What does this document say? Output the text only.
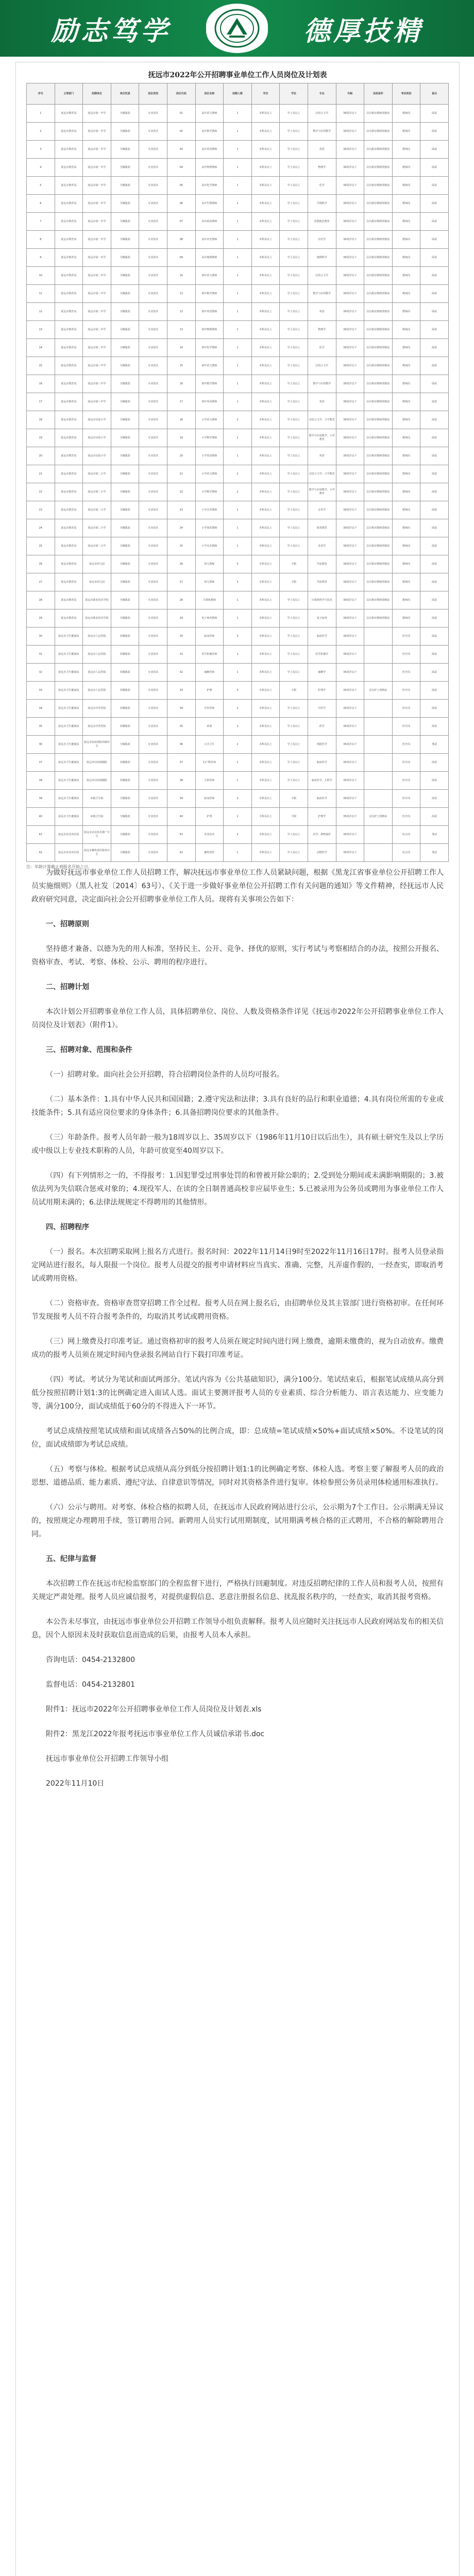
励志笃学	德厚技精
抚远市2022年公开招聘事业单位工作人员岗位及计划表
序号	主管部门	招聘单位	单位性质	岗位类别	岗位代码	岗位名称	招聘人数	学历	学位	专业	年龄	其他条件	考试类别	备注
1	抚远市教育局	抚远市第一中学	全额拨款	专业技术	01	高中语文教师	1	本科及以上	学士及以上	汉语言文学	30周岁以下	具有相应教师资格证	教师岗	面试
2	抚远市教育局	抚远市第一中学	全额拨款	专业技术	02	高中数学教师	1	本科及以上	学士及以上	数学与应用数学	30周岁以下	具有相应教师资格证	教师岗	面试
3	抚远市教育局	抚远市第一中学	全额拨款	专业技术	03	高中英语教师	1	本科及以上	学士及以上	英语	30周岁以下	具有相应教师资格证	教师岗	面试
4	抚远市教育局	抚远市第一中学	全额拨款	专业技术	04	高中物理教师	1	本科及以上	学士及以上	物理学	30周岁以下	具有相应教师资格证	教师岗	面试
5	抚远市教育局	抚远市第一中学	全额拨款	专业技术	05	高中化学教师	1	本科及以上	学士及以上	化学	30周岁以下	具有相应教师资格证	教师岗	面试
6	抚远市教育局	抚远市第一中学	全额拨款	专业技术	06	高中生物教师	1	本科及以上	学士及以上	生物科学	30周岁以下	具有相应教师资格证	教师岗	面试
7	抚远市教育局	抚远市第一中学	全额拨款	专业技术	07	高中政治教师	1	本科及以上	学士及以上	思想政治教育	30周岁以下	具有相应教师资格证	教师岗	面试
8	抚远市教育局	抚远市第一中学	全额拨款	专业技术	08	高中历史教师	1	本科及以上	学士及以上	历史学	30周岁以下	具有相应教师资格证	教师岗	面试
9	抚远市教育局	抚远市第一中学	全额拨款	专业技术	09	高中地理教师	1	本科及以上	学士及以上	地理科学	30周岁以下	具有相应教师资格证	教师岗	面试
10	抚远市教育局	抚远市第二中学	全额拨款	专业技术	10	初中语文教师	1	本科及以上	学士及以上	汉语言文学	30周岁以下	具有相应教师资格证	教师岗	面试
11	抚远市教育局	抚远市第二中学	全额拨款	专业技术	11	初中数学教师	1	本科及以上	学士及以上	数学与应用数学	30周岁以下	具有相应教师资格证	教师岗	面试
12	抚远市教育局	抚远市第二中学	全额拨款	专业技术	12	初中英语教师	1	本科及以上	学士及以上	英语	30周岁以下	具有相应教师资格证	教师岗	面试
13	抚远市教育局	抚远市第二中学	全额拨款	专业技术	13	初中物理教师	1	本科及以上	学士及以上	物理学	30周岁以下	具有相应教师资格证	教师岗	面试
14	抚远市教育局	抚远市第二中学	全额拨款	专业技术	14	初中化学教师	1	本科及以上	学士及以上	化学	30周岁以下	具有相应教师资格证	教师岗	面试
15	抚远市教育局	抚远市第三中学	全额拨款	专业技术	15	初中语文教师	1	本科及以上	学士及以上	汉语言文学	30周岁以下	具有相应教师资格证	教师岗	面试
16	抚远市教育局	抚远市第三中学	全额拨款	专业技术	16	初中数学教师	1	本科及以上	学士及以上	数学与应用数学	30周岁以下	具有相应教师资格证	教师岗	面试
17	抚远市教育局	抚远市第三中学	全额拨款	专业技术	17	初中英语教师	1	本科及以上	学士及以上	英语	30周岁以下	具有相应教师资格证	教师岗	面试
18	抚远市教育局	抚远市实验小学	全额拨款	专业技术	18	小学语文教师	2	本科及以上	学士及以上	汉语言文学、小学教育	30周岁以下	具有相应教师资格证	教师岗	面试
19	抚远市教育局	抚远市实验小学	全额拨款	专业技术	19	小学数学教师	2	本科及以上	学士及以上	数学与应用数学、小学教育	30周岁以下	具有相应教师资格证	教师岗	面试
20	抚远市教育局	抚远市实验小学	全额拨款	专业技术	20	小学英语教师	1	本科及以上	学士及以上	英语	30周岁以下	具有相应教师资格证	教师岗	面试
21	抚远市教育局	抚远市第二小学	全额拨款	专业技术	21	小学语文教师	2	本科及以上	学士及以上	汉语言文学、小学教育	30周岁以下	具有相应教师资格证	教师岗	面试
22	抚远市教育局	抚远市第二小学	全额拨款	专业技术	22	小学数学教师	2	本科及以上	学士及以上	数学与应用数学、小学教育	30周岁以下	具有相应教师资格证	教师岗	面试
23	抚远市教育局	抚远市第二小学	全额拨款	专业技术	23	小学音乐教师	1	本科及以上	学士及以上	音乐学	30周岁以下	具有相应教师资格证	教师岗	面试
24	抚远市教育局	抚远市第二小学	全额拨款	专业技术	24	小学体育教师	1	本科及以上	学士及以上	体育教育	30周岁以下	具有相应教师资格证	教师岗	面试
25	抚远市教育局	抚远市第二小学	全额拨款	专业技术	25	小学美术教师	1	本科及以上	学士及以上	美术学	30周岁以下	具有相应教师资格证	教师岗	面试
26	抚远市教育局	抚远市幼儿园	全额拨款	专业技术	26	幼儿教师	3	专科及以上	不限	学前教育	30周岁以下	具有相应教师资格证	教师岗	面试
27	抚远市教育局	抚远市幼儿园	全额拨款	专业技术	27	幼儿教师	3	专科及以上	不限	学前教育	30周岁以下	具有相应教师资格证	教师岗	面试
28	抚远市教育局	抚远市职业技术学校	全额拨款	专业技术	28	计算机教师	1	本科及以上	学士及以上	计算机科学与技术	30周岁以下	具有相应教师资格证	教师岗	面试
29	抚远市教育局	抚远市职业技术学校	全额拨款	专业技术	29	电子商务教师	1	本科及以上	学士及以上	电子商务	30周岁以下	具有相应教师资格证	教师岗	面试
30	抚远市卫生健康局	抚远市人民医院	差额拨款	专业技术	30	临床医师	3	本科及以上	学士及以上	临床医学	35周岁以下		医疗岗	面试
31	抚远市卫生健康局	抚远市人民医院	差额拨款	专业技术	31	医学影像医师	1	本科及以上	学士及以上	医学影像学	35周岁以下		医疗岗	面试
32	抚远市卫生健康局	抚远市人民医院	差额拨款	专业技术	32	麻醉医师	1	本科及以上	学士及以上	麻醉学	35周岁以下		医疗岗	面试
33	抚远市卫生健康局	抚远市人民医院	差额拨款	专业技术	33	护理	3	专科及以上	不限	护理学	35周岁以下	具有护士资格证	医疗岗	面试
34	抚远市卫生健康局	抚远市中医医院	差额拨款	专业技术	34	中医医师	2	本科及以上	学士及以上	中医学	35周岁以下		医疗岗	面试
35	抚远市卫生健康局	抚远市中医医院	差额拨款	专业技术	35	药剂	1	本科及以上	学士及以上	药学	35周岁以下		医疗岗	面试
36	抚远市卫生健康局	抚远市疾病预防控制中心	全额拨款	专业技术	36	公共卫生	2	本科及以上	学士及以上	预防医学	35周岁以下		医疗岗	笔试
37	抚远市卫生健康局	抚远市妇幼保健院	差额拨款	专业技术	37	妇产科医师	1	本科及以上	学士及以上	临床医学	35周岁以下		医疗岗	面试
38	抚远市卫生健康局	抚远市妇幼保健院	差额拨款	专业技术	38	儿科医师	1	本科及以上	学士及以上	临床医学、儿科学	35周岁以下		医疗岗	面试
39	抚远市卫生健康局	乡镇卫生院	全额拨款	专业技术	39	临床医师	2	专科及以上	不限	临床医学	35周岁以下		医疗岗	面试
40	抚远市卫生健康局	乡镇卫生院	全额拨款	专业技术	40	护理	2	专科及以上	不限	护理学	35周岁以下	具有护士资格证	医疗岗	面试
41	抚远市农业农村局	抚远市农业技术推广中心	全额拨款	专业技术	41	农业技术	2	本科及以上	学士及以上	农学、植物保护	35周岁以下		综合岗	笔试
42	抚远市农业农村局	抚远市畜牧兽医服务中心	全额拨款	专业技术	42	畜牧兽医	1	本科及以上	学士及以上	动物医学	35周岁以下		综合岗	笔试
注：年龄计算截止到报名开始之日。

为做好抚远市事业单位工作人员招聘工作，解决抚远市事业单位工作人员紧缺问题，根据《黑龙江省事业单位公开招聘工作人员实施细则》（黑人社发〔2014〕63号）、《关于进一步做好事业单位公开招聘工作有关问题的通知》等文件精神，经抚远市人民政府研究同意，决定面向社会公开招聘事业单位工作人员。现将有关事项公告如下：

一、招聘原则

坚持德才兼备、以德为先的用人标准，坚持民主、公开、竞争、择优的原则，实行考试与考察相结合的办法，按照公开报名、资格审查、考试、考察、体检、公示、聘用的程序进行。

二、招聘计划

本次计划公开招聘事业单位工作人员，具体招聘单位、岗位、人数及资格条件详见《抚远市2022年公开招聘事业单位工作人员岗位及计划表》（附件1）。

三、招聘对象、范围和条件

（一）招聘对象。面向社会公开招聘，符合招聘岗位条件的人员均可报名。

（二）基本条件：1.具有中华人民共和国国籍；2.遵守宪法和法律；3.具有良好的品行和职业道德；4.具有岗位所需的专业或技能条件；5.具有适应岗位要求的身体条件；6.具备招聘岗位要求的其他条件。

（三）年龄条件。报考人员年龄一般为18周岁以上、35周岁以下（1986年11月10日以后出生），具有硕士研究生及以上学历或中级以上专业技术职称的人员，年龄可放宽至40周岁以下。

（四）有下列情形之一的，不得报考：1.因犯罪受过刑事处罚的和曾被开除公职的；2.受到处分期间或未满影响期限的；3.被依法列为失信联合惩戒对象的；4.现役军人、在读的全日制普通高校非应届毕业生；5.已被录用为公务员或聘用为事业单位工作人员试用期未满的；6.法律法规规定不得聘用的其他情形。

四、招聘程序

（一）报名。本次招聘采取网上报名方式进行。报名时间：2022年11月14日9时至2022年11月16日17时。报考人员登录指定网站进行报名，每人限报一个岗位。报考人员提交的报考申请材料应当真实、准确、完整，凡弄虚作假的，一经查实，即取消考试或聘用资格。

（二）资格审查。资格审查贯穿招聘工作全过程。报考人员在网上报名后，由招聘单位及其主管部门进行资格初审。在任何环节发现报考人员不符合报考条件的，均取消其考试或聘用资格。

（三）网上缴费及打印准考证。通过资格初审的报考人员须在规定时间内进行网上缴费，逾期未缴费的，视为自动放弃。缴费成功的报考人员须在规定时间内登录报名网站自行下载打印准考证。

（四）考试。考试分为笔试和面试两部分。笔试内容为《公共基础知识》，满分100分。笔试结束后，根据笔试成绩从高分到低分按照招聘计划1:3的比例确定进入面试人选。面试主要测评报考人员的专业素质、综合分析能力、语言表达能力、应变能力等，满分100分，面试成绩低于60分的不得进入下一环节。

考试总成绩按照笔试成绩和面试成绩各占50%的比例合成，即：总成绩=笔试成绩×50%+面试成绩×50%。不设笔试的岗位，面试成绩即为考试总成绩。

（五）考察与体检。根据考试总成绩从高分到低分按招聘计划1:1的比例确定考察、体检人选。考察主要了解报考人员的政治思想、道德品质、能力素质、遵纪守法、自律意识等情况，同时对其资格条件进行复审。体检参照公务员录用体检通用标准执行。

（六）公示与聘用。对考察、体检合格的拟聘人员，在抚远市人民政府网站进行公示，公示期为7个工作日。公示期满无异议的，按照规定办理聘用手续，签订聘用合同。新聘用人员实行试用期制度，试用期满考核合格的正式聘用，不合格的解除聘用合同。

五、纪律与监督

本次招聘工作在抚远市纪检监察部门的全程监督下进行，严格执行回避制度。对违反招聘纪律的工作人员和报考人员，按照有关规定严肃处理。报考人员应诚信报考，对提供虚假信息、恶意注册报名信息、扰乱报名秩序的，一经查实，取消其报考资格。

本公告未尽事宜，由抚远市事业单位公开招聘工作领导小组负责解释。报考人员应随时关注抚远市人民政府网站发布的相关信息，因个人原因未及时获取信息而造成的后果，由报考人员本人承担。

咨询电话：0454-2132800

监督电话：0454-2132801

附件1：抚远市2022年公开招聘事业单位工作人员岗位及计划表.xls

附件2：黑龙江2022年报考抚远市事业单位工作人员诚信承诺书.doc

抚远市事业单位公开招聘工作领导小组

2022年11月10日
